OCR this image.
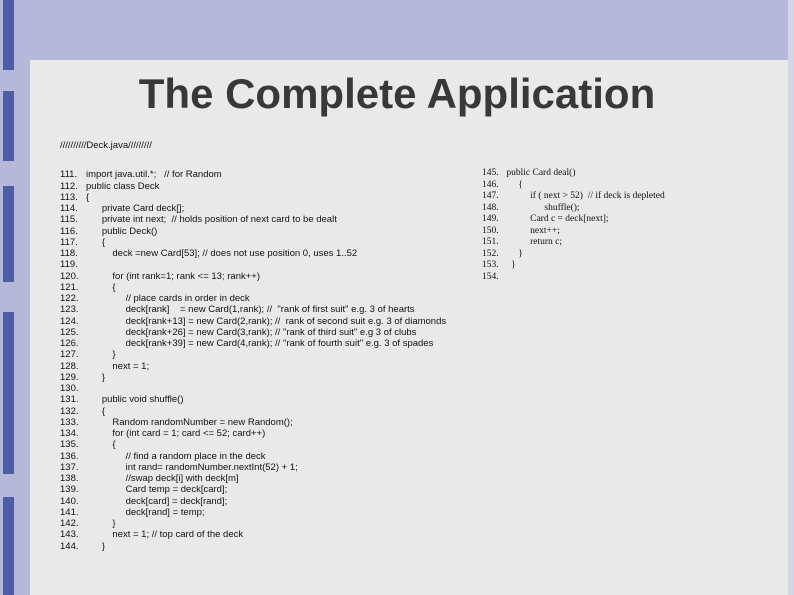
The Complete Application
//////////Deck.java/////////
111. import java.util.*;   // for Random
112. public class Deck
113. {
114. private Card deck[];
115. private int next;  // holds position of next card to be dealt
116. public Deck()
117. {
118. deck =new Card[53]; // does not use position 0, uses 1..52
119.
120. for (int rank=1; rank <= 13; rank++)
121. {
122. // place cards in order in deck
123. deck[rank]    = new Card(1,rank); //  "rank of first suit" e.g. 3 of hearts
124. deck[rank+13] = new Card(2,rank); //  rank of second suit e.g. 3 of diamonds
125. deck[rank+26] = new Card(3,rank); // "rank of third suit" e.g 3 of clubs
126. deck[rank+39] = new Card(4,rank); // "rank of fourth suit" e.g. 3 of spades
127. }
128. next = 1;
129. }
130.
131. public void shuffle()
132. {
133. Random randomNumber = new Random();
134. for (int card = 1; card <= 52; card++)
135. {
136. // find a random place in the deck
137. int rand= randomNumber.nextInt(52) + 1;
138. //swap deck[i] with deck[m]
139. Card temp = deck[card];
140. deck[card] = deck[rand];
141. deck[rand] = temp;
142. }
143. next = 1; // top card of the deck
144. }
145. public Card deal()
146. {
147. if ( next > 52)  // if deck is depleted
148. shuffle();
149. Card c = deck[next];
150. next++;
151. return c;
152. }
153. }
154.
